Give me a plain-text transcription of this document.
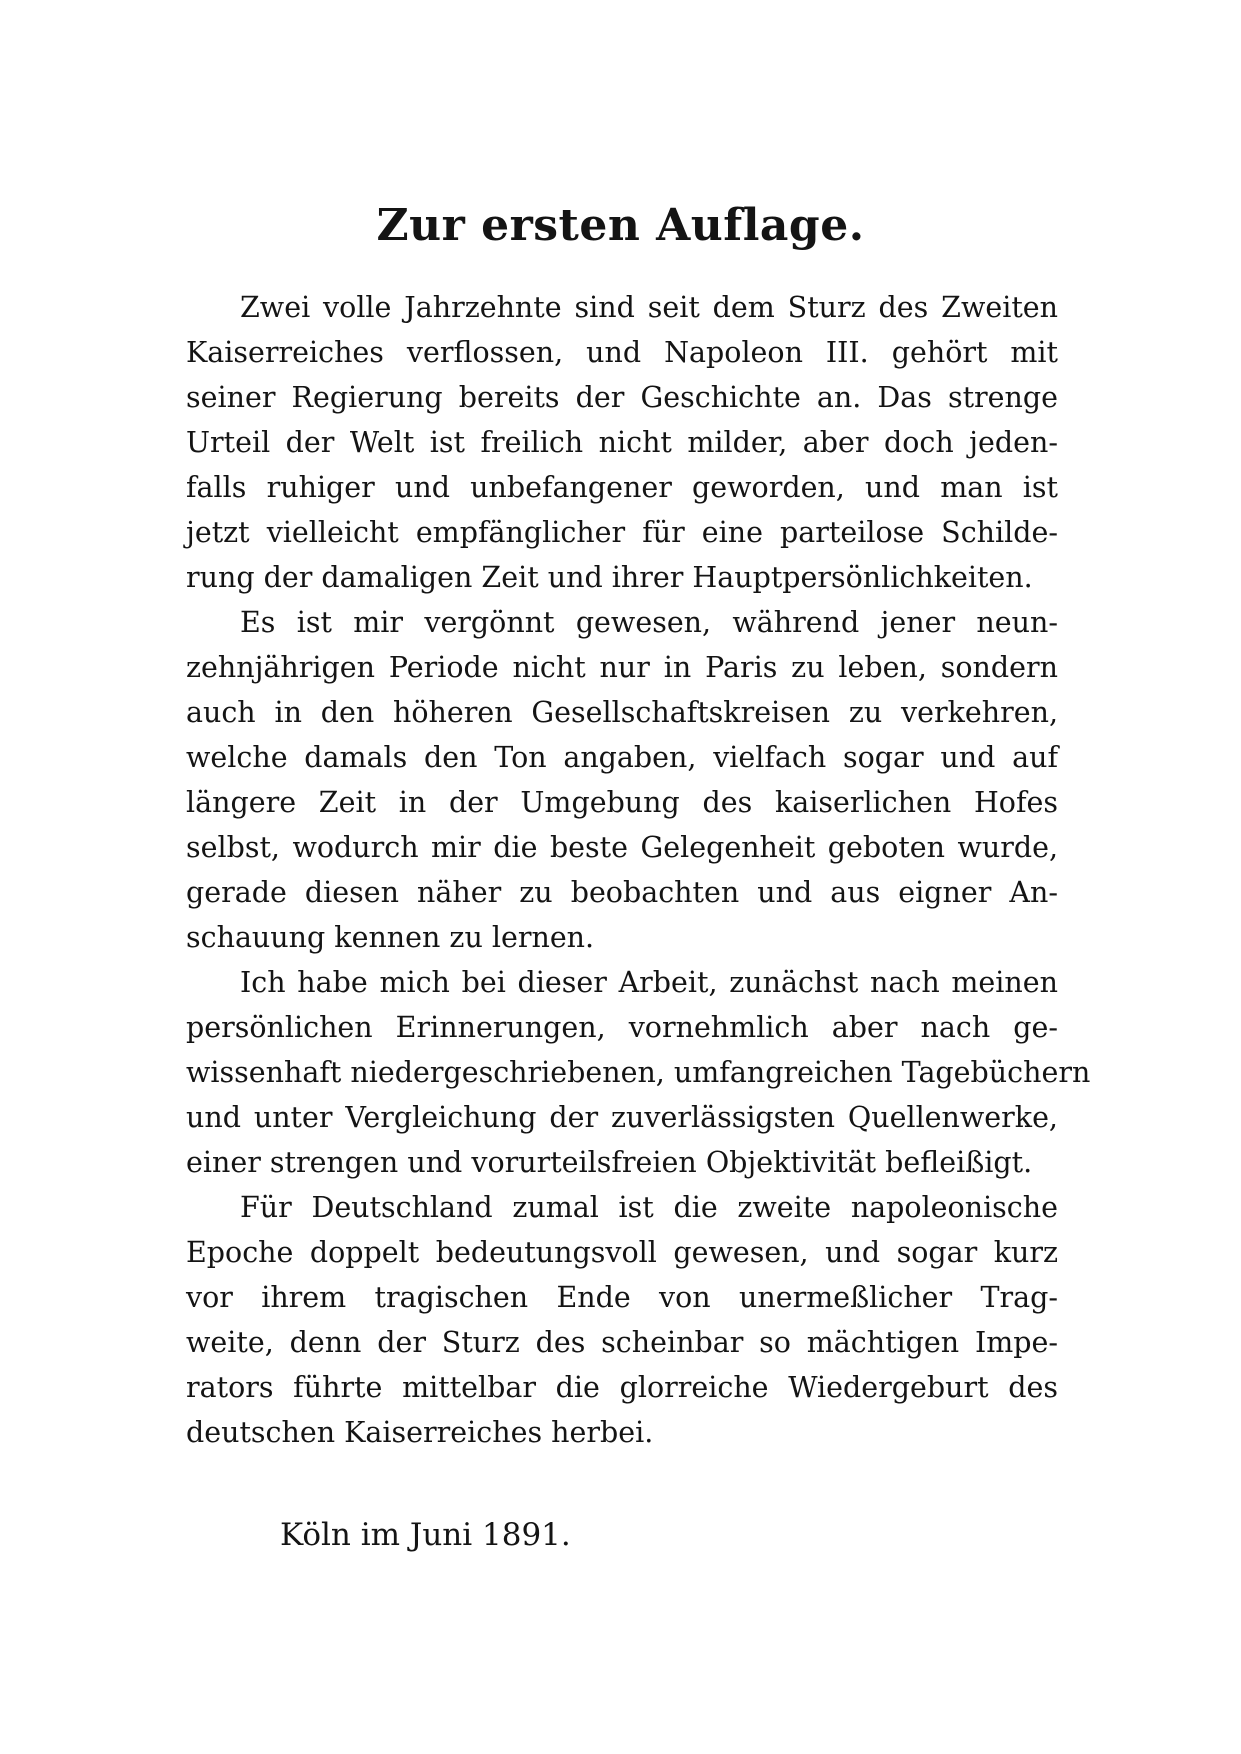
Zur ersten Auflage.
Zwei volle Jahrzehnte sind seit dem Sturz des Zweiten
Kaiserreiches verflossen, und Napoleon III. gehört mit
seiner Regierung bereits der Geschichte an. Das strenge
Urteil der Welt ist freilich nicht milder, aber doch jeden-
falls ruhiger und unbefangener geworden, und man ist
jetzt vielleicht empfänglicher für eine parteilose Schilde-
rung der damaligen Zeit und ihrer Hauptpersönlichkeiten.
Es ist mir vergönnt gewesen, während jener neun-
zehnjährigen Periode nicht nur in Paris zu leben, sondern
auch in den höheren Gesellschaftskreisen zu verkehren,
welche damals den Ton angaben, vielfach sogar und auf
längere Zeit in der Umgebung des kaiserlichen Hofes
selbst, wodurch mir die beste Gelegenheit geboten wurde,
gerade diesen näher zu beobachten und aus eigner An-
schauung kennen zu lernen.
Ich habe mich bei dieser Arbeit, zunächst nach meinen
persönlichen Erinnerungen, vornehmlich aber nach ge-
wissenhaft niedergeschriebenen, umfangreichen Tagebüchern
und unter Vergleichung der zuverlässigsten Quellenwerke,
einer strengen und vorurteilsfreien Objektivität befleißigt.
Für Deutschland zumal ist die zweite napoleonische
Epoche doppelt bedeutungsvoll gewesen, und sogar kurz
vor ihrem tragischen Ende von unermeßlicher Trag-
weite, denn der Sturz des scheinbar so mächtigen Impe-
rators führte mittelbar die glorreiche Wiedergeburt des
deutschen Kaiserreiches herbei.
Köln im Juni 1891.
